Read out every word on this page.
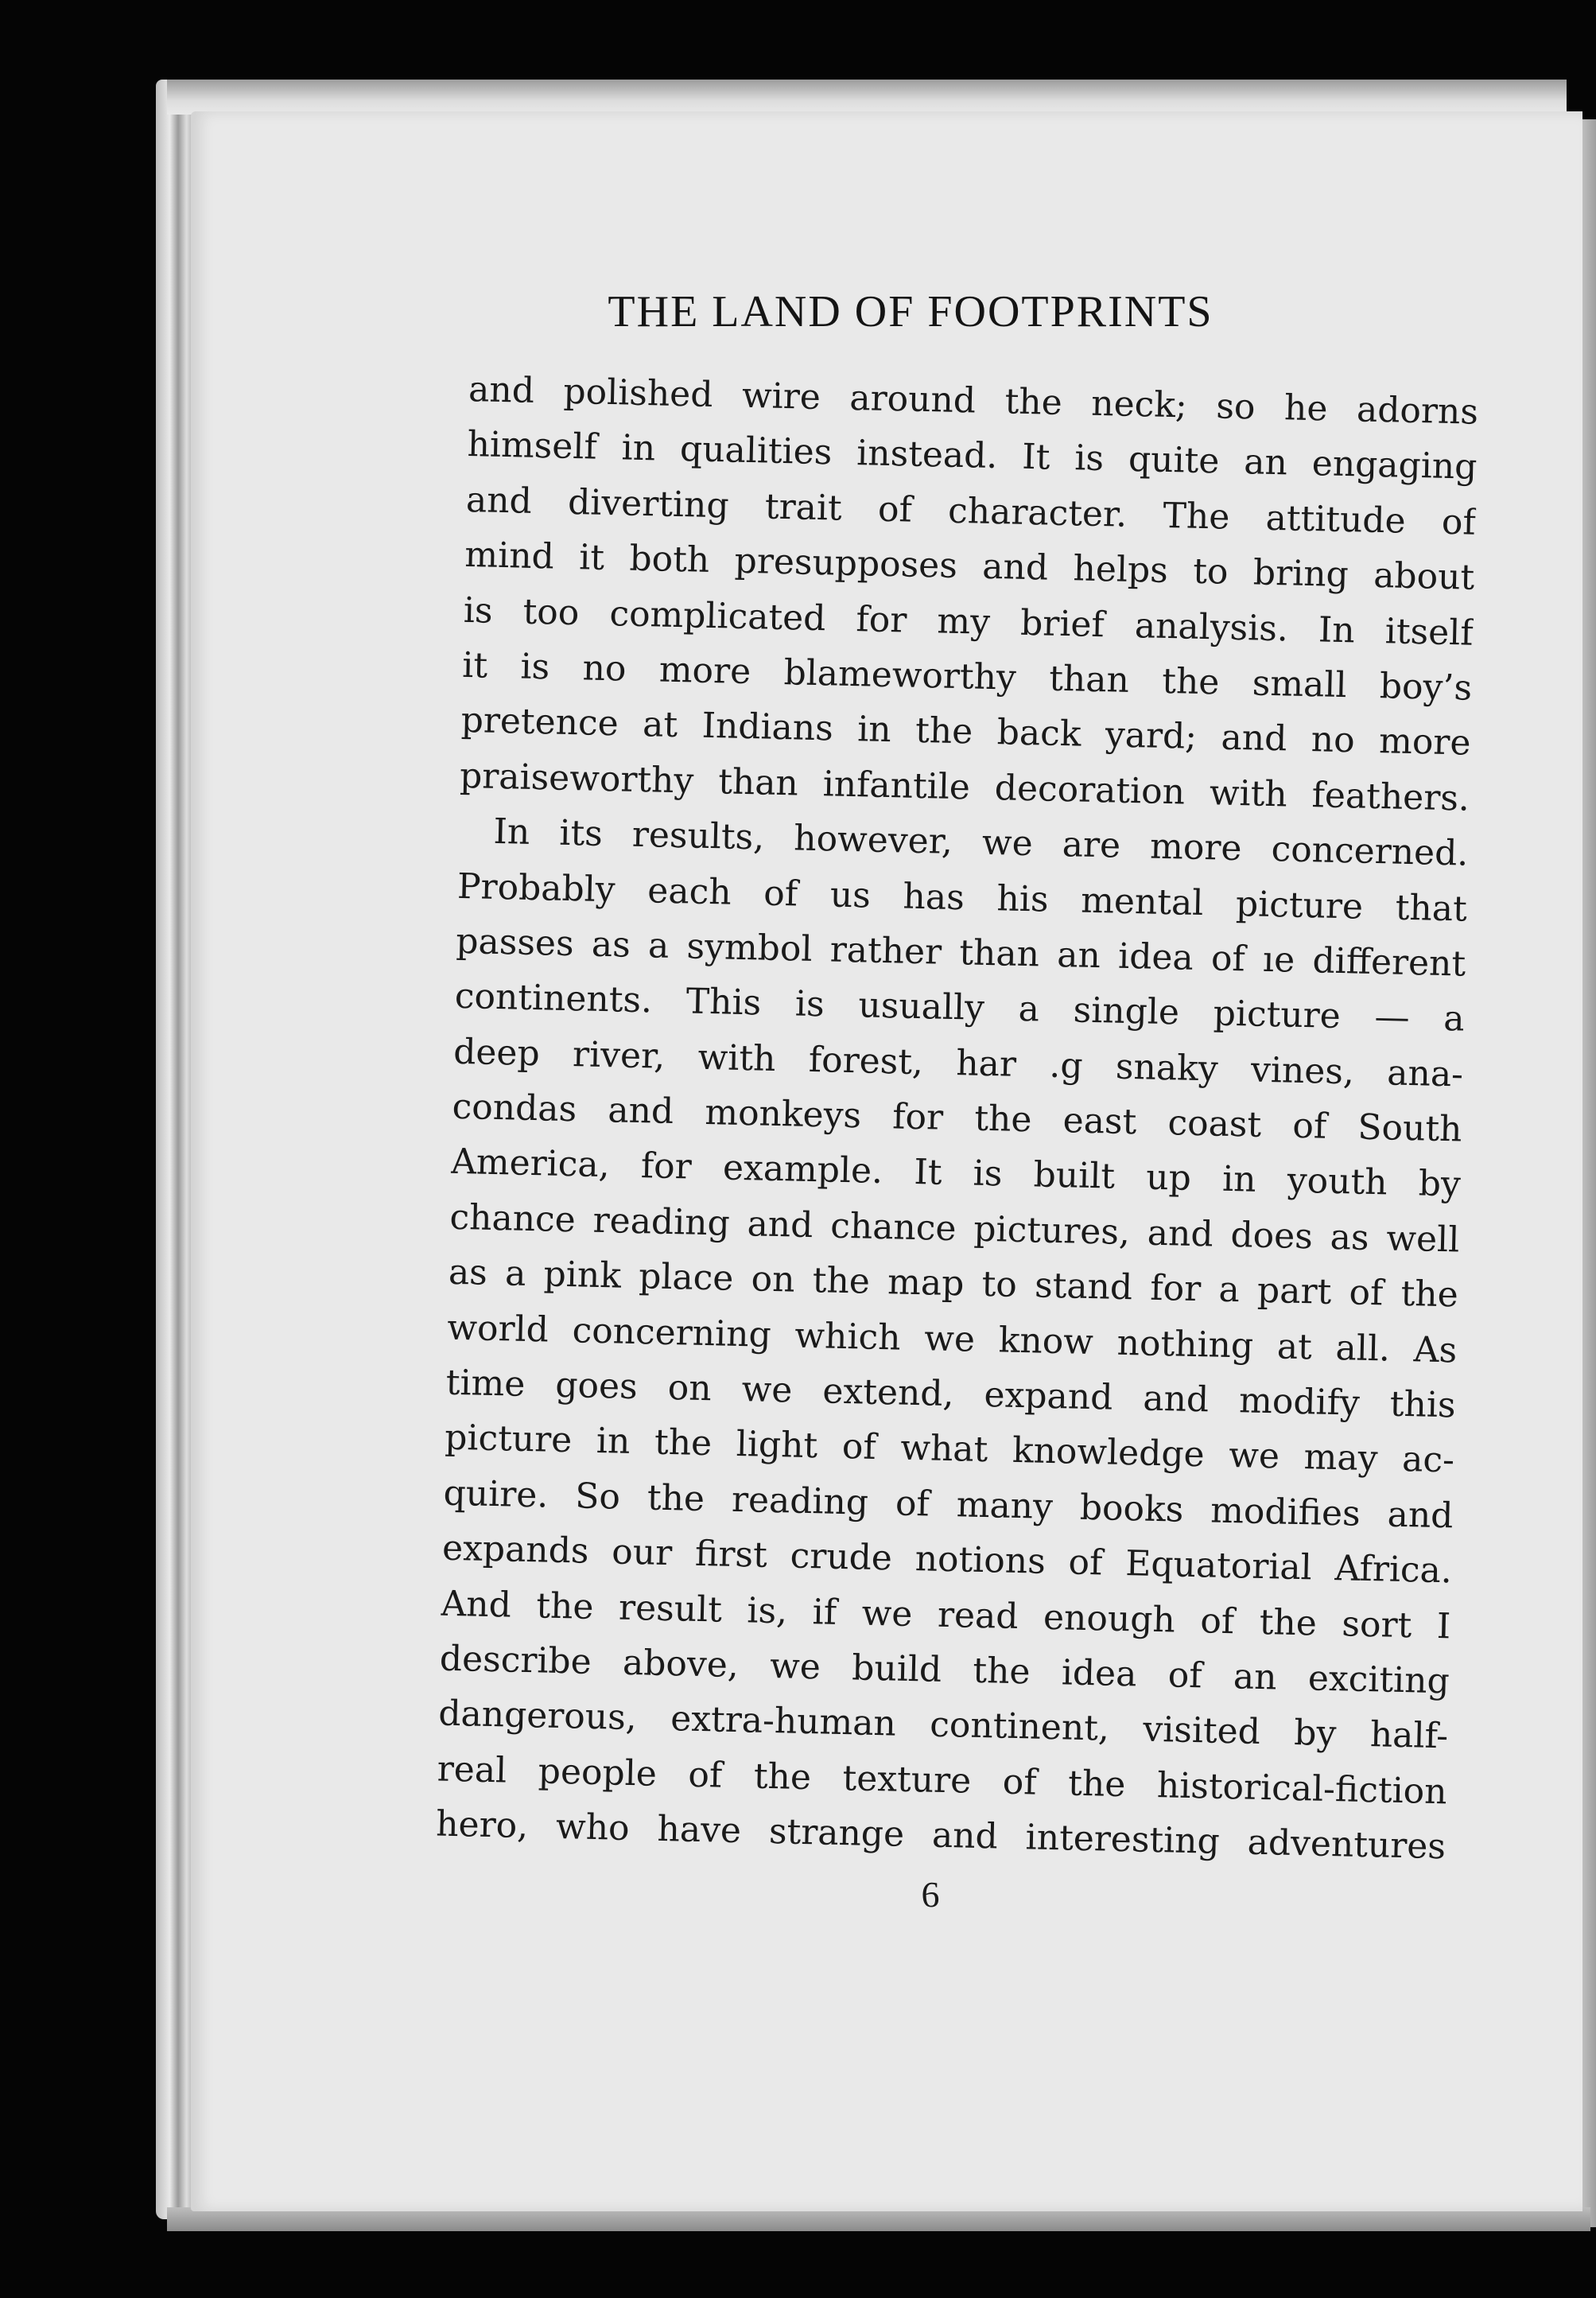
THE LAND OF FOOTPRINTS
and polished wire around the neck; so he adorns
himself in qualities instead. It is quite an engaging
and diverting trait of character. The attitude of
mind it both presupposes and helps to bring about
is too complicated for my brief analysis. In itself
it is no more blameworthy than the small boy’s
pretence at Indians in the back yard; and no more
praiseworthy than infantile decoration with feathers.
In its results, however, we are more concerned.
Probably each of us has his mental picture that
passes as a symbol rather than an idea of ıe different
continents. This is usually a single picture — a
deep river, with forest, har .g snaky vines, ana-
condas and monkeys for the east coast of South
America, for example. It is built up in youth by
chance reading and chance pictures, and does as well
as a pink place on the map to stand for a part of the
world concerning which we know nothing at all. As
time goes on we extend, expand and modify this
picture in the light of what knowledge we may ac-
quire. So the reading of many books modifies and
expands our first crude notions of Equatorial Africa.
And the result is, if we read enough of the sort I
describe above, we build the idea of an exciting
dangerous, extra-human continent, visited by half-
real people of the texture of the historical-fiction
hero, who have strange and interesting adventures
6
